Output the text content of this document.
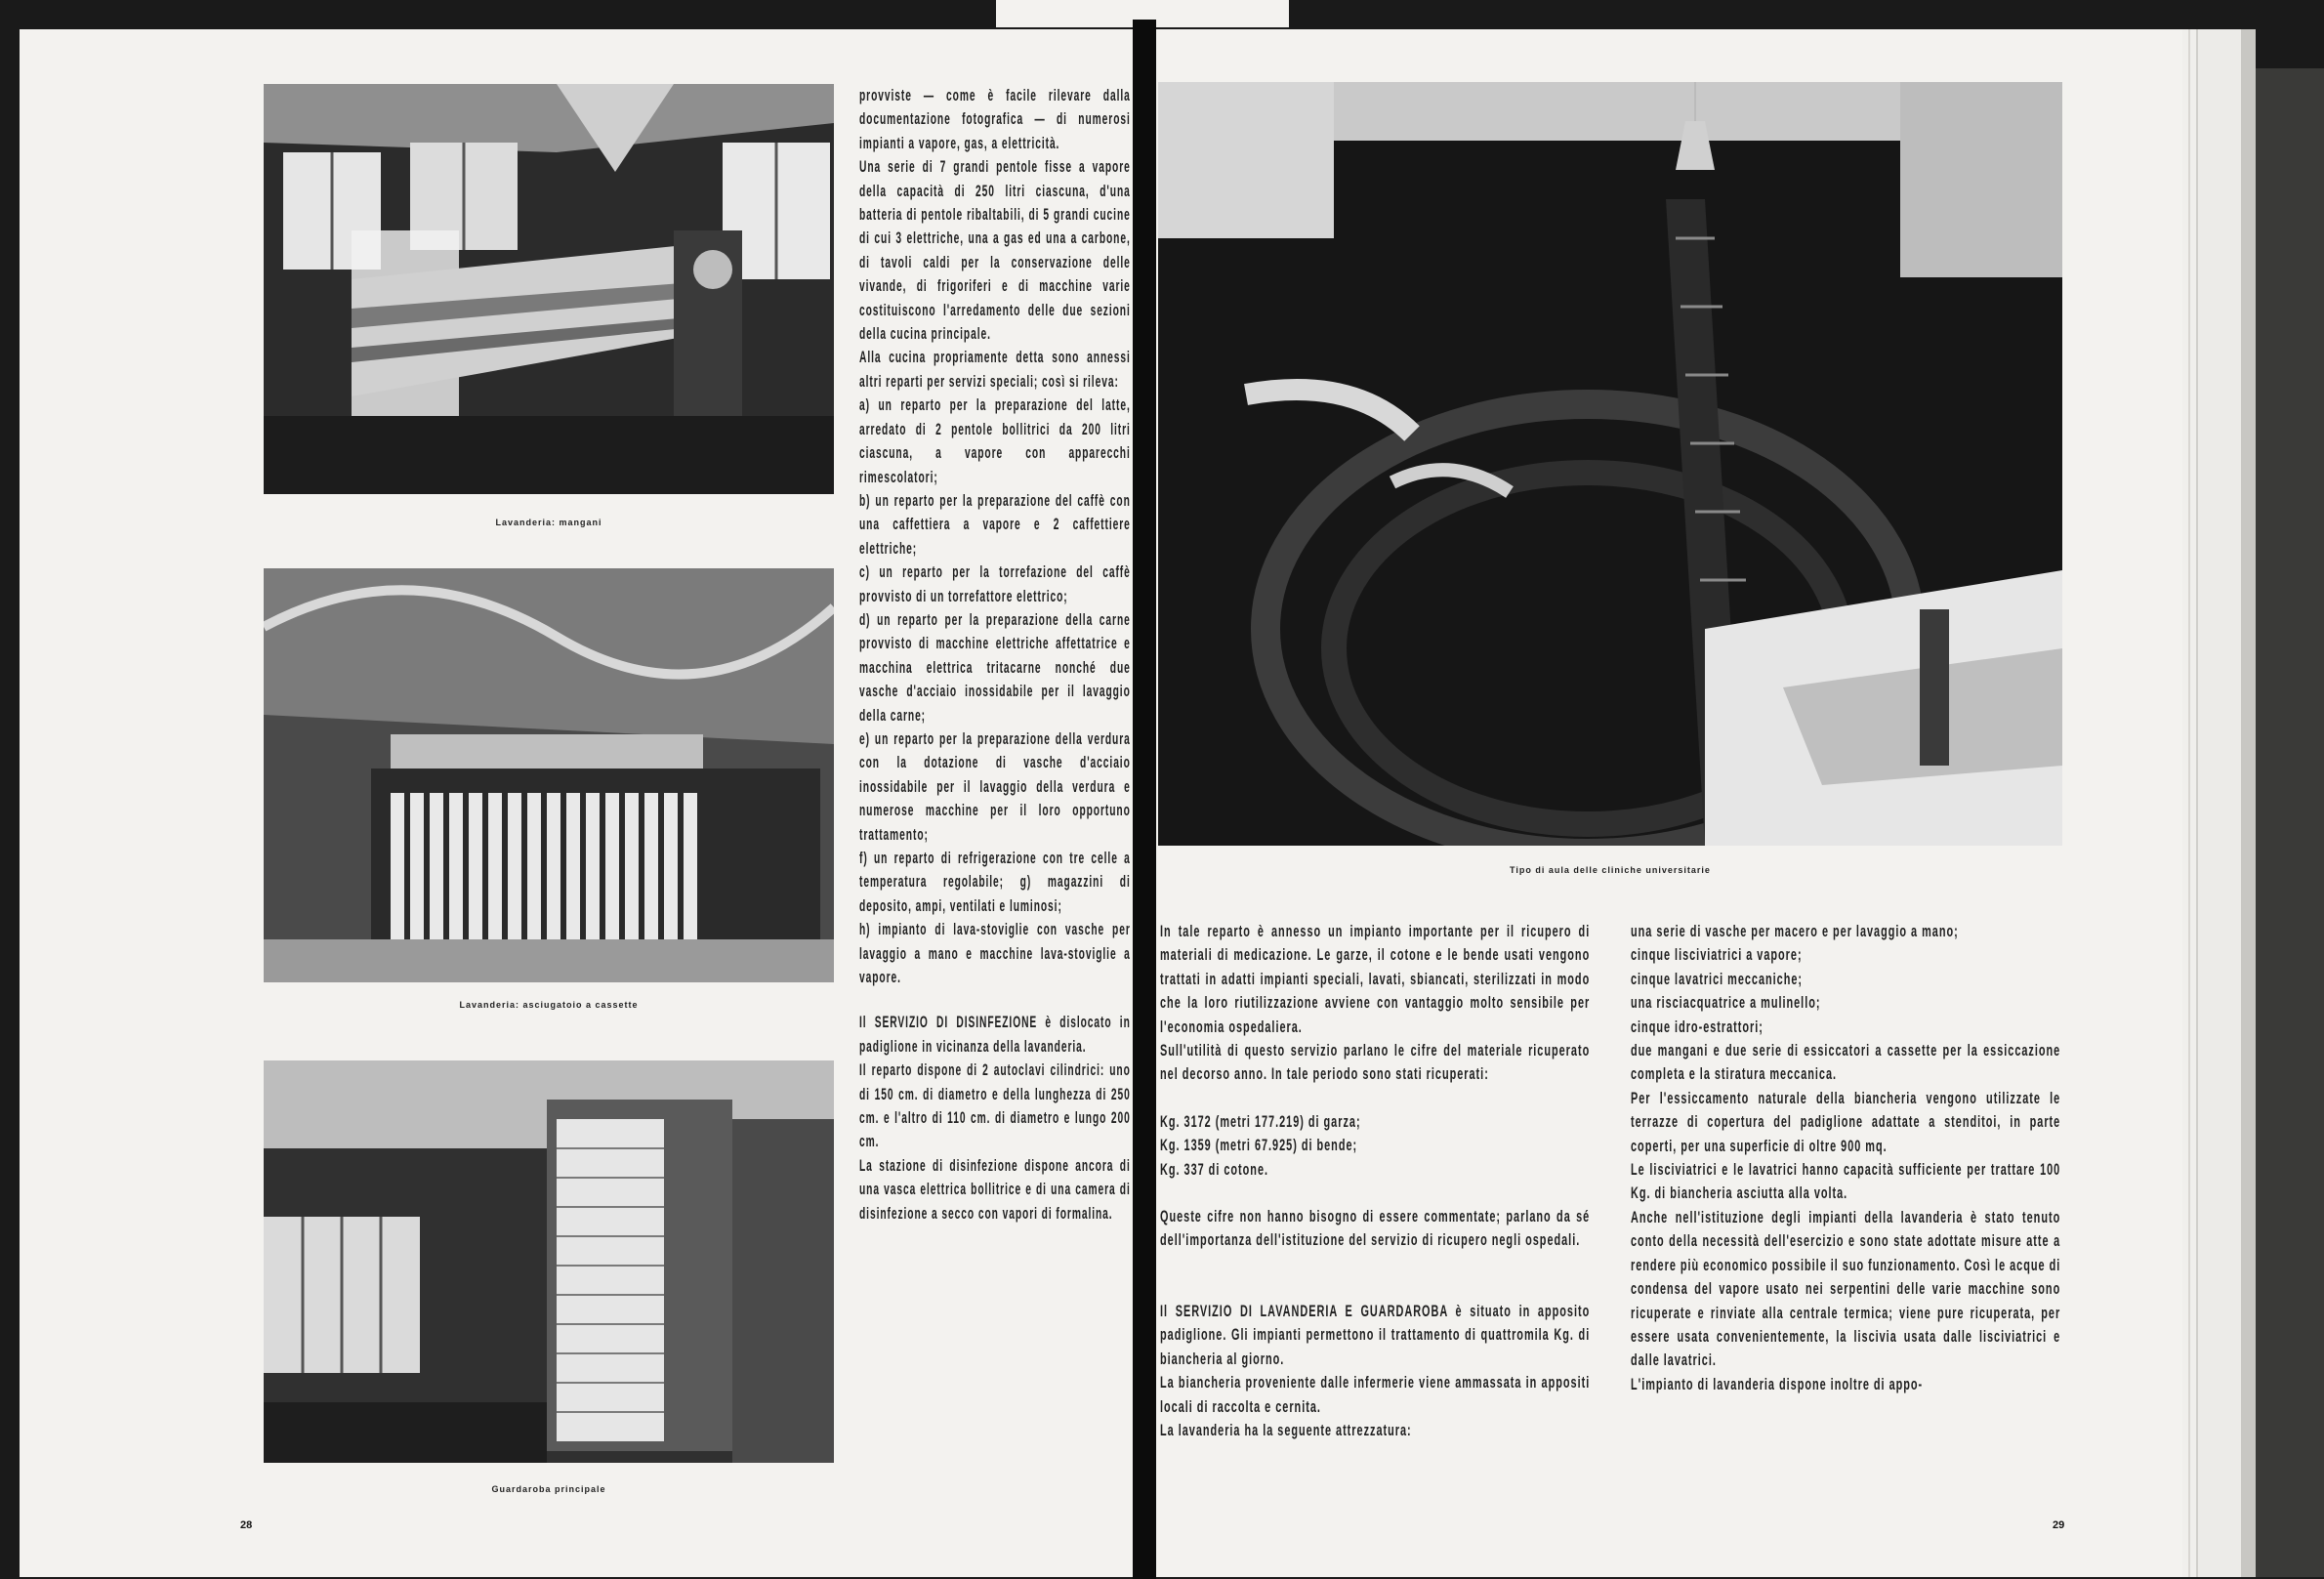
Lavanderia: mangani
Lavanderia: asciugatoio a cassette
Guardaroba principale
28

provviste — come è facile rilevare dalla documentazione fotografica — di numerosi impianti a vapore, gas, a elettricità.

Una serie di 7 grandi pentole fisse a vapore della capacità di 250 litri ciascuna, d'una batteria di pentole ribaltabili, di 5 grandi cucine di cui 3 elettriche, una a gas ed una a carbone, di tavoli caldi per la conservazione delle vivande, di frigoriferi e di macchine varie costituiscono l'arredamento delle due sezioni della cucina principale.

Alla cucina propriamente detta sono annessi altri reparti per servizi speciali; così si rileva:

a) un reparto per la preparazione del latte, arredato di 2 pentole bollitrici da 200 litri ciascuna, a vapore con apparecchi rimescolatori;

b) un reparto per la preparazione del caffè con una caffettiera a vapore e 2 caffettiere elettriche;

c) un reparto per la torrefazione del caffè provvisto di un torrefattore elettrico;

d) un reparto per la preparazione della carne provvisto di macchine elettriche affettatrice e macchina elettrica tritacarne nonché due vasche d'acciaio inossidabile per il lavaggio della carne;

e) un reparto per la preparazione della verdura con la dotazione di vasche d'acciaio inossidabile per il lavaggio della verdura e numerose macchine per il loro opportuno trattamento;

f) un reparto di refrigerazione con tre celle a temperatura regolabile; g) magazzini di deposito, ampi, ventilati e luminosi;

h) impianto di lava-stoviglie con vasche per lavaggio a mano e macchine lava-stoviglie a vapore.

Il SERVIZIO DI DISINFEZIONE è dislocato in padiglione in vicinanza della lavanderia.

Il reparto dispone di 2 autoclavi cilindrici: uno di 150 cm. di diametro e della lunghezza di 250 cm. e l'altro di 110 cm. di diametro e lungo 200 cm.

La stazione di disinfezione dispone ancora di una vasca elettrica bollitrice e di una camera di disinfezione a secco con vapori di formalina.

Tipo di aula delle cliniche universitarie

In tale reparto è annesso un impianto importante per il ricupero di materiali di medicazione. Le garze, il cotone e le bende usati vengono trattati in adatti impianti speciali, lavati, sbiancati, sterilizzati in modo che la loro riutilizzazione avviene con vantaggio molto sensibile per l'economia ospedaliera.

Sull'utilità di questo servizio parlano le cifre del materiale ricuperato nel decorso anno. In tale periodo sono stati ricuperati:

Kg. 3172 (metri 177.219) di garza;

Kg. 1359 (metri 67.925) di bende;

Kg. 337 di cotone.

Queste cifre non hanno bisogno di essere commentate; parlano da sé dell'importanza dell'istituzione del servizio di ricupero negli ospedali.

Il SERVIZIO DI LAVANDERIA E GUARDAROBA è situato in apposito padiglione. Gli impianti permettono il trattamento di quattromila Kg. di biancheria al giorno.

La biancheria proveniente dalle infermerie viene ammassata in appositi locali di raccolta e cernita.

La lavanderia ha la seguente attrezzatura:

una serie di vasche per macero e per lavaggio a mano;

cinque lisciviatrici a vapore;

cinque lavatrici meccaniche;

una risciacquatrice a mulinello;

cinque idro-estrattori;

due mangani e due serie di essiccatori a cassette per la essiccazione completa e la stiratura meccanica.

Per l'essiccamento naturale della biancheria vengono utilizzate le terrazze di copertura del padiglione adattate a stenditoi, in parte coperti, per una superficie di oltre 900 mq.

Le lisciviatrici e le lavatrici hanno capacità sufficiente per trattare 100 Kg. di biancheria asciutta alla volta.

Anche nell'istituzione degli impianti della lavanderia è stato tenuto conto della necessità dell'esercizio e sono state adottate misure atte a rendere più economico possibile il suo funzionamento. Così le acque di condensa del vapore usato nei serpentini delle varie macchine sono ricuperate e rinviate alla centrale termica; viene pure ricuperata, per essere usata convenientemente, la liscivia usata dalle lisciviatrici e dalle lavatrici.

L'impianto di lavanderia dispone inoltre di appo-

29
